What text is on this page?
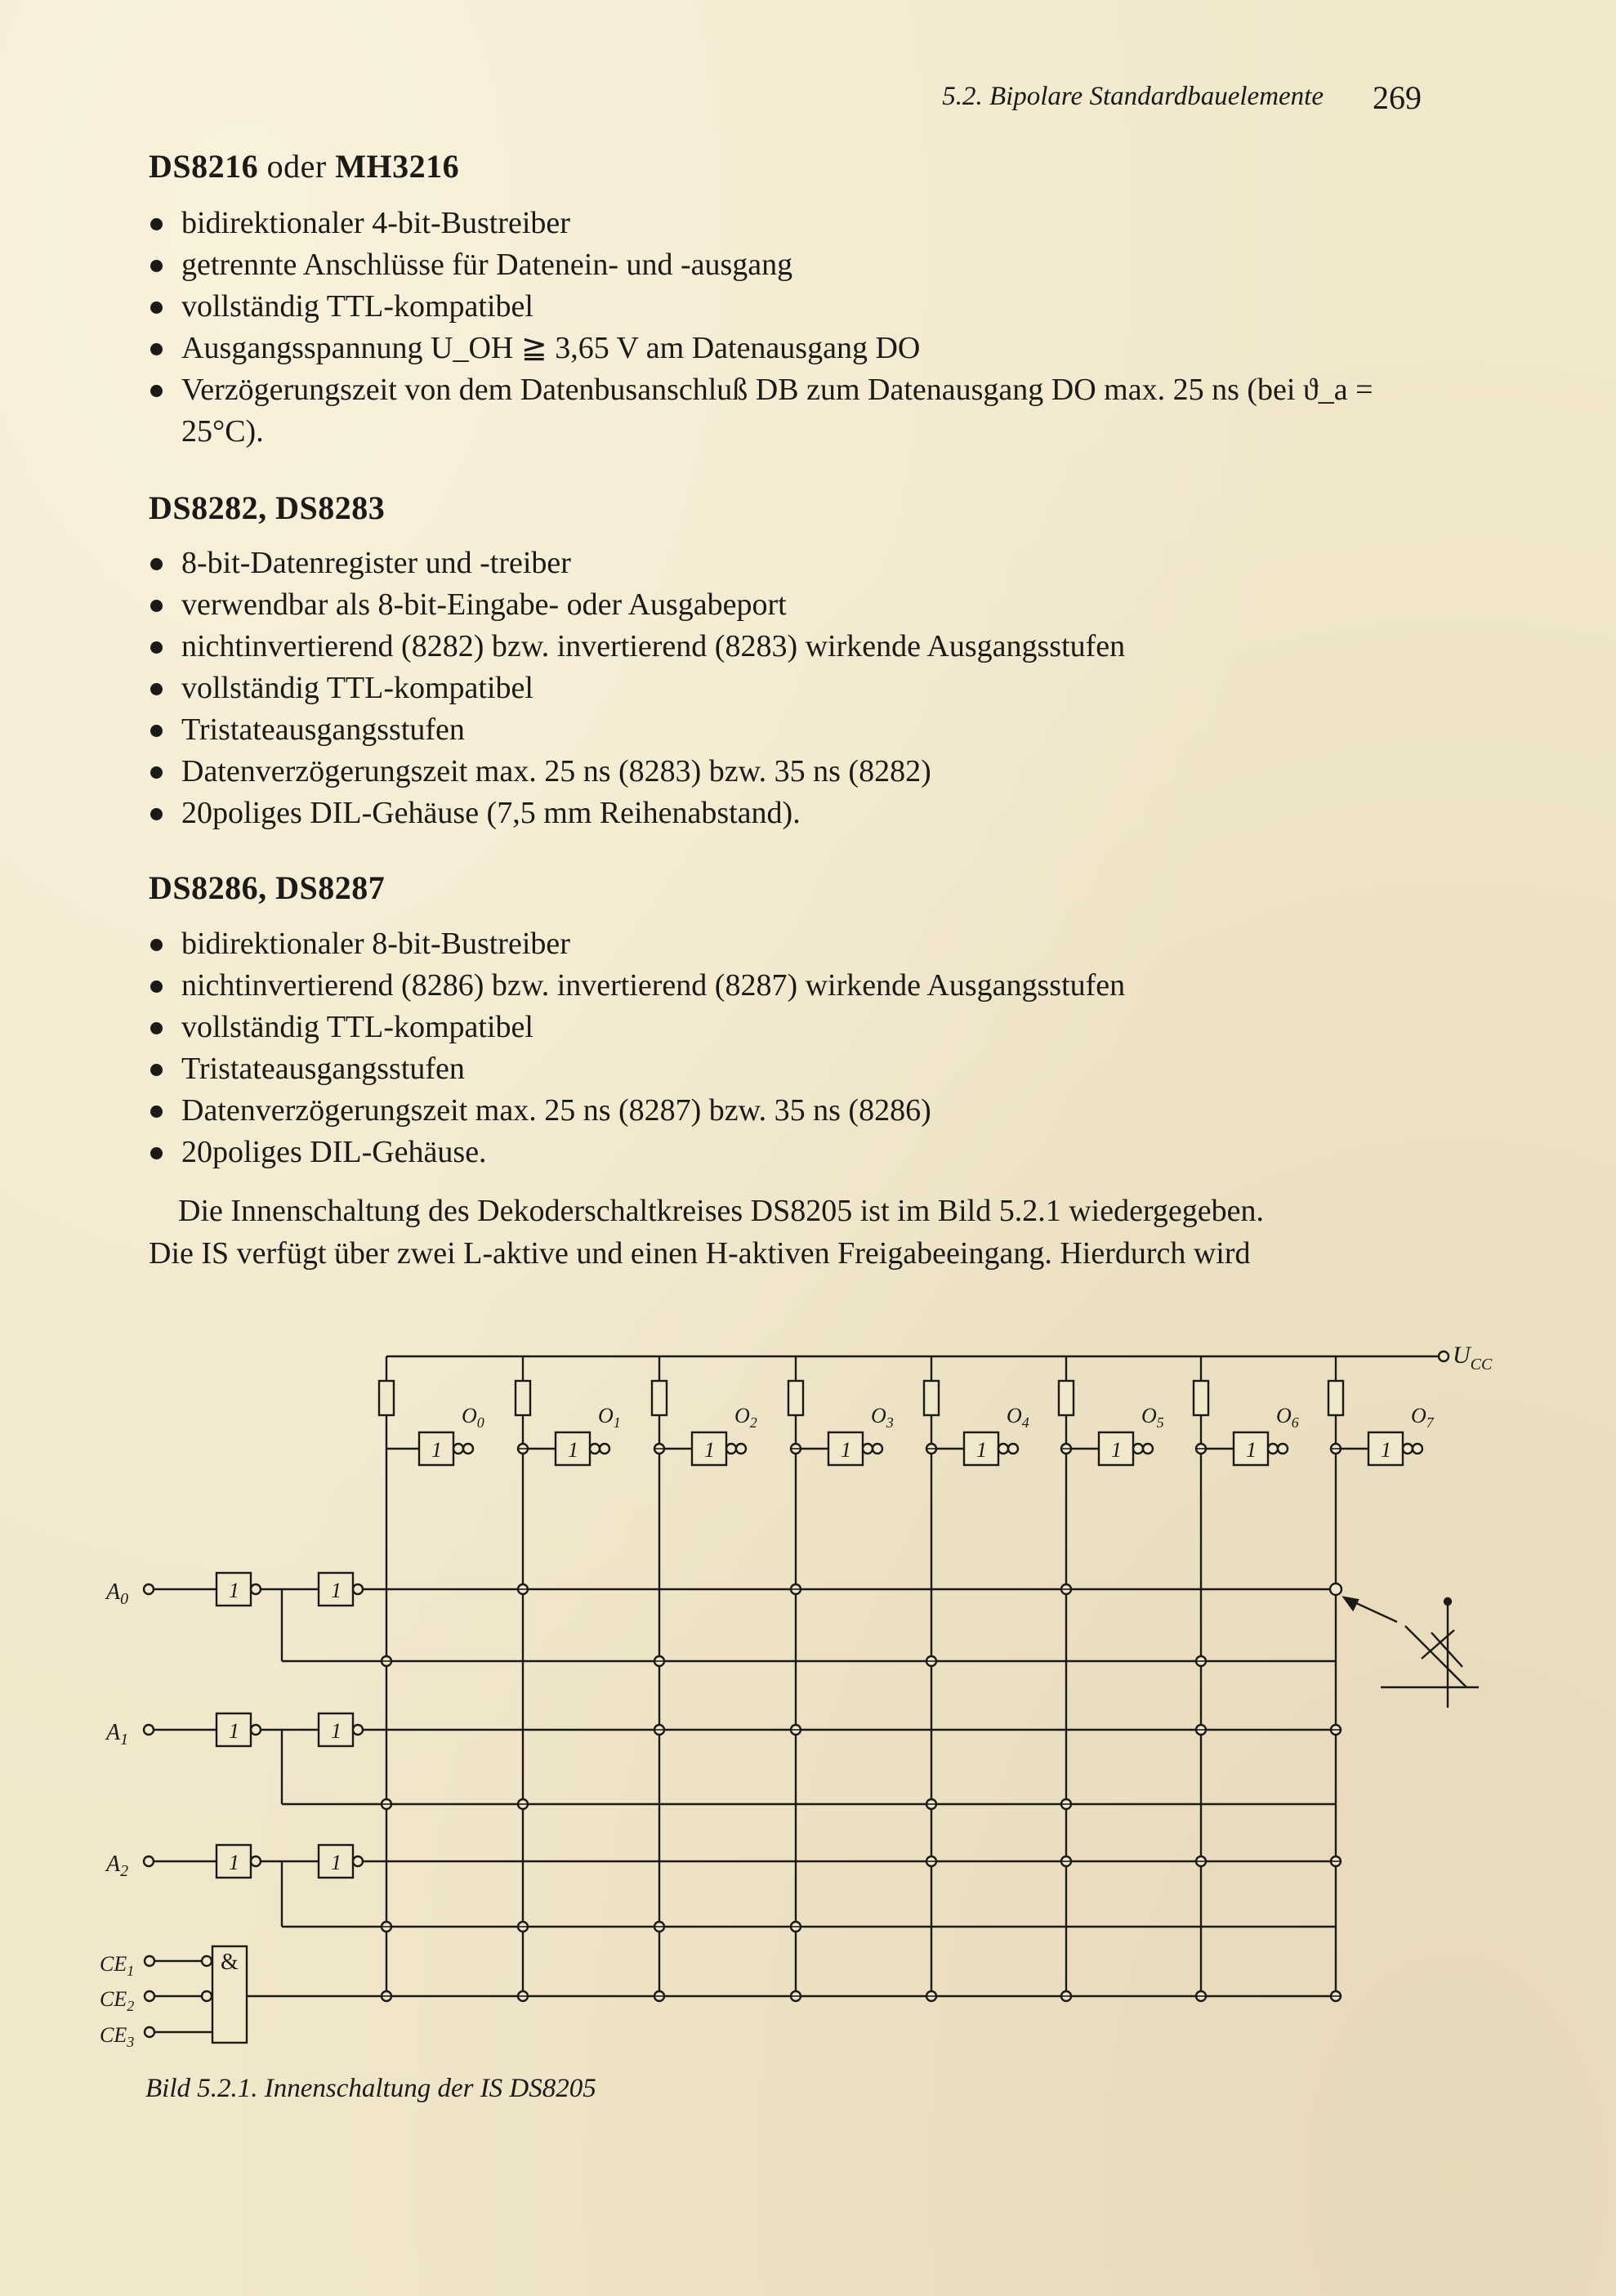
5.2. Bipolare Standardbauelemente 269
DS8216 oder MH3216
bidirektionaler 4-bit-Bustreiber
getrennte Anschlüsse für Datenein- und -ausgang
vollständig TTL-kompatibel
Ausgangsspannung U_OH ≧ 3,65 V am Datenausgang DO
Verzögerungszeit von dem Datenbusanschluß DB zum Datenausgang DO max. 25 ns (bei ϑ_a = 25°C).
DS8282, DS8283
8-bit-Datenregister und -treiber
verwendbar als 8-bit-Eingabe- oder Ausgabeport
nichtinvertierend (8282) bzw. invertierend (8283) wirkende Ausgangsstufen
vollständig TTL-kompatibel
Tristateausgangsstufen
Datenverzögerungszeit max. 25 ns (8283) bzw. 35 ns (8282)
20poliges DIL-Gehäuse (7,5 mm Reihenabstand).
DS8286, DS8287
bidirektionaler 8-bit-Bustreiber
nichtinvertierend (8286) bzw. invertierend (8287) wirkende Ausgangsstufen
vollständig TTL-kompatibel
Tristateausgangsstufen
Datenverzögerungszeit max. 25 ns (8287) bzw. 35 ns (8286)
20poliges DIL-Gehäuse.
Die Innenschaltung des Dekoderschaltkreises DS8205 ist im Bild 5.2.1 wiedergegeben.
Die IS verfügt über zwei L-aktive und einen H-aktiven Freigabeeingang. Hierdurch wird
$U_{CC}$
1
$O_0$
1
$O_1$
1
$O_2$
1
$O_3$
1
$O_4$
1
$O_5$
1
$O_6$
1
$O_7$
$A_0$	1	1
$A_1$	1	1
$A_2$	1	1
$CE_1$
$CE_2$
$CE_3$
&
Bild 5.2.1. Innenschaltung der IS DS8205
